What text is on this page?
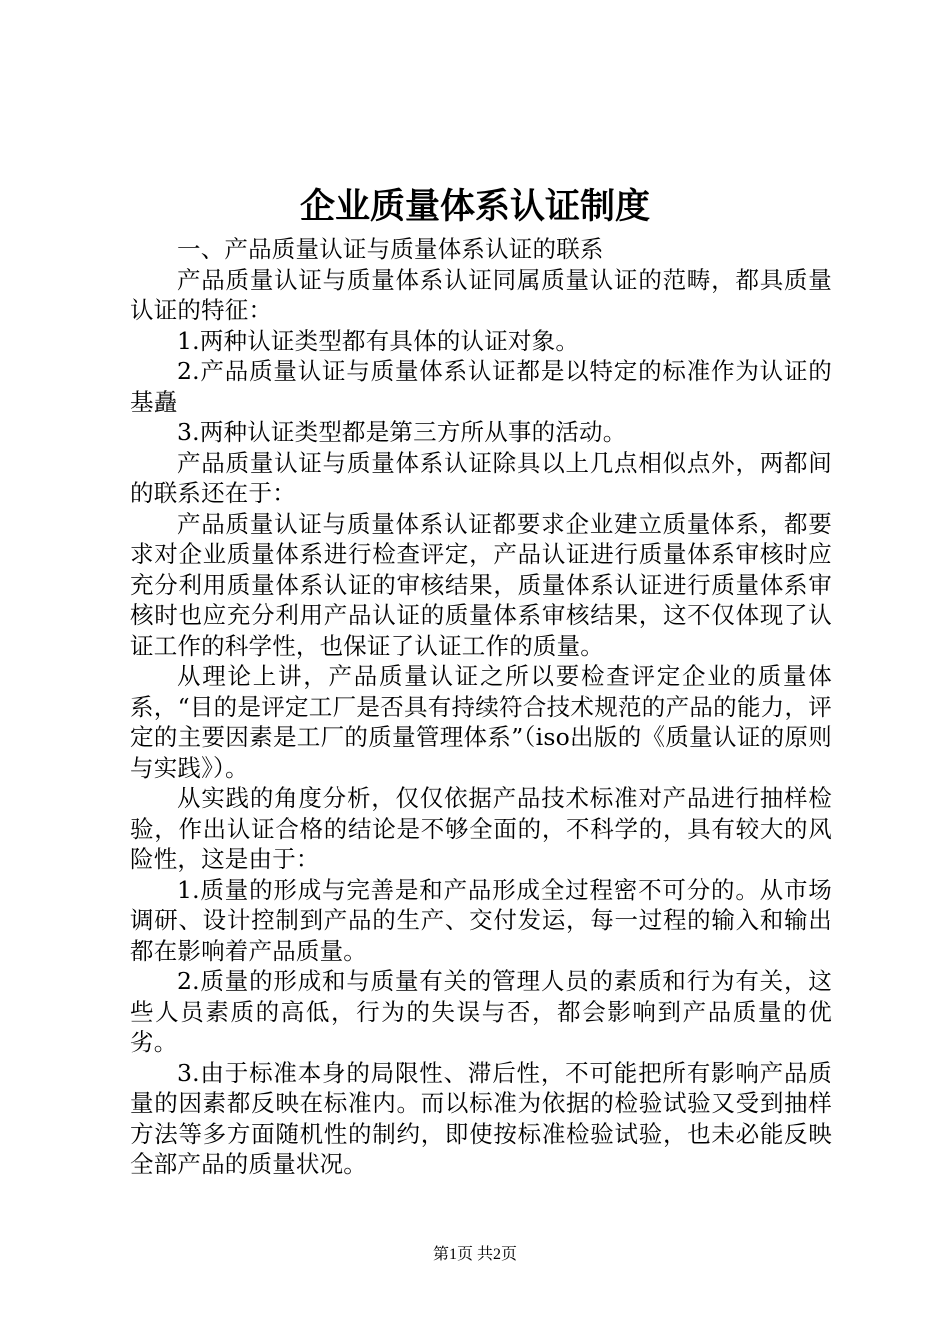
企业质量体系认证制度

一、产品质量认证与质量体系认证的联系

产品质量认证与质量体系认证同属质量认证的范畴，都具质量认证的特征：

1.两种认证类型都有具体的认证对象。

2.产品质量认证与质量体系认证都是以特定的标准作为认证的基矗

3.两种认证类型都是第三方所从事的活动。

产品质量认证与质量体系认证除具以上几点相似点外，两都间的联系还在于：

产品质量认证与质量体系认证都要求企业建立质量体系，都要求对企业质量体系进行检查评定，产品认证进行质量体系审核时应充分利用质量体系认证的审核结果，质量体系认证进行质量体系审核时也应充分利用产品认证的质量体系审核结果，这不仅体现了认证工作的科学性，也保证了认证工作的质量。

从理论上讲，产品质量认证之所以要检查评定企业的质量体系，“目的是评定工厂是否具有持续符合技术规范的产品的能力，评定的主要因素是工厂的质量管理体系”（iso出版的《质量认证的原则与实践》）。

从实践的角度分析，仅仅依据产品技术标准对产品进行抽样检验，作出认证合格的结论是不够全面的，不科学的，具有较大的风险性，这是由于：

1.质量的形成与完善是和产品形成全过程密不可分的。从市场调研、设计控制到产品的生产、交付发运，每一过程的输入和输出都在影响着产品质量。

2.质量的形成和与质量有关的管理人员的素质和行为有关，这些人员素质的高低，行为的失误与否，都会影响到产品质量的优劣。

3.由于标准本身的局限性、滞后性，不可能把所有影响产品质量的因素都反映在标准内。而以标准为依据的检验试验又受到抽样方法等多方面随机性的制约，即使按标准检验试验，也未必能反映全部产品的质量状况。

第1页 共2页
